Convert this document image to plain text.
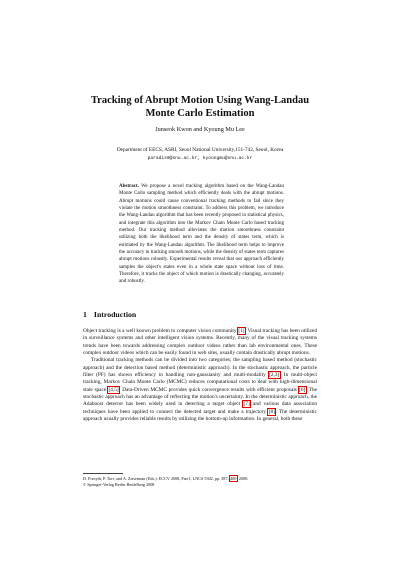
Tracking of Abrupt Motion Using Wang-Landau
Monte Carlo Estimation
Junseok Kwon and Kyoung Mu Lee
Department of EECS, ASRI, Seoul National University,151-742, Seoul, Korea
paradis0@snu.ac.kr, kyoungmu@snu.ac.kr
Abstract. We propose a novel tracking algorithm based on the Wang-Landau Monte Carlo sampling method which efficiently deals with the abrupt motions. Abrupt motions could cause conventional tracking methods to fail since they violate the motion smoothness constraint. To address this problem, we introduce the Wang-Landau algorithm that has been recently proposed in statistical physics, and integrate this algorithm into the Markov Chain Monte Carlo based tracking method. Our tracking method alleviates the motion smoothness constraint utilizing both the likelihood term and the density of states term, which is estimated by the Wang-Landau algorithm. The likelihood term helps to improve the accuracy in tracking smooth motions, while the density of states term captures abrupt motions robustly. Experimental results reveal that our approach efficiently samples the object's states even in a whole state space without loss of time. Therefore, it tracks the object of which motion is drastically changing, accurately and robustly.
1 Introduction

Object tracking is a well known problem to computer vision community [1]. Visual tracking has been utilized in surveillance systems and other intelligent vision systems. Recently, many of the visual tracking systems trends have been towards addressing complex outdoor videos rather than lab environmental ones. These complex outdoor videos which can be easily found in web sites, usually contain drastically abrupt motions.

Traditional tracking methods can be divided into two categories; the sampling based method (stochastic approach) and the detection based method (deterministic approach). In the stochastic approach, the particle filter (PF) has shown efficiency in handling non-gaussianity and multi-modality [2,3]. In multi-object tracking, Markov Chain Monte Carlo (MCMC) reduces computational costs to deal with high-dimensional state space [4,5]. Data-Driven MCMC provides quick convergence results with efficient proposals [6]. The stochastic approach has an advantage of reflecting the motion's uncertainty. In the deterministic approach, the Adaboost detector has been widely used in detecting a target object [7] and various data association techniques have been applied to connect the detected target and make a trajectory [8]. The deterministic approach usually provides reliable results by utilizing the bottom-up information. In general, both these

D. Forsyth, P. Torr, and A. Zisserman (Eds.): ECCV 2008, Part I, LNCS 5302, pp. 387–400, 2008.
© Springer-Verlag Berlin Heidelberg 2008
